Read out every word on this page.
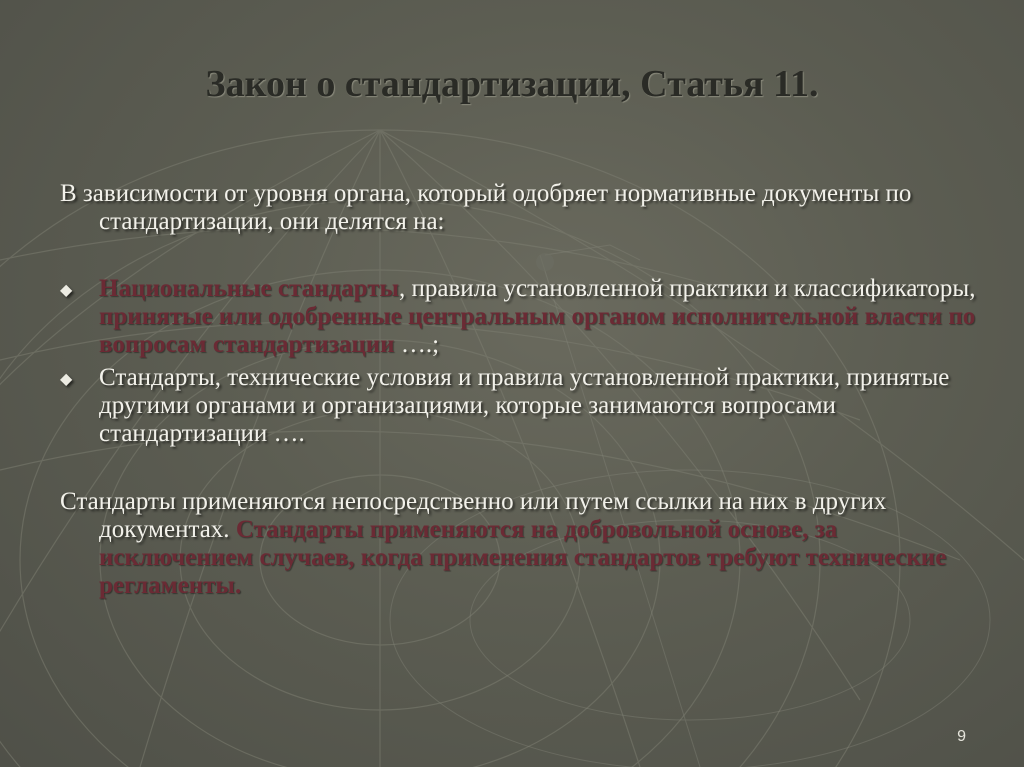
Закон о стандартизации, Статья 11.

В зависимости от уровня органа, который одобряет нормативные документы по стандартизации, они делятся на:

◆ Национальные стандарты, правила установленной практики и классификаторы, принятые или одобренные центральным органом исполнительной власти по вопросам стандартизации ….;
◆ Стандарты, технические условия и правила установленной практики, принятые другими органами и организациями, которые занимаются вопросами стандартизации ….

Стандарты применяются непосредственно или путем ссылки на них в других документах. Стандарты применяются на добровольной основе, за исключением случаев, когда применения стандартов требуют технические регламенты.

9
